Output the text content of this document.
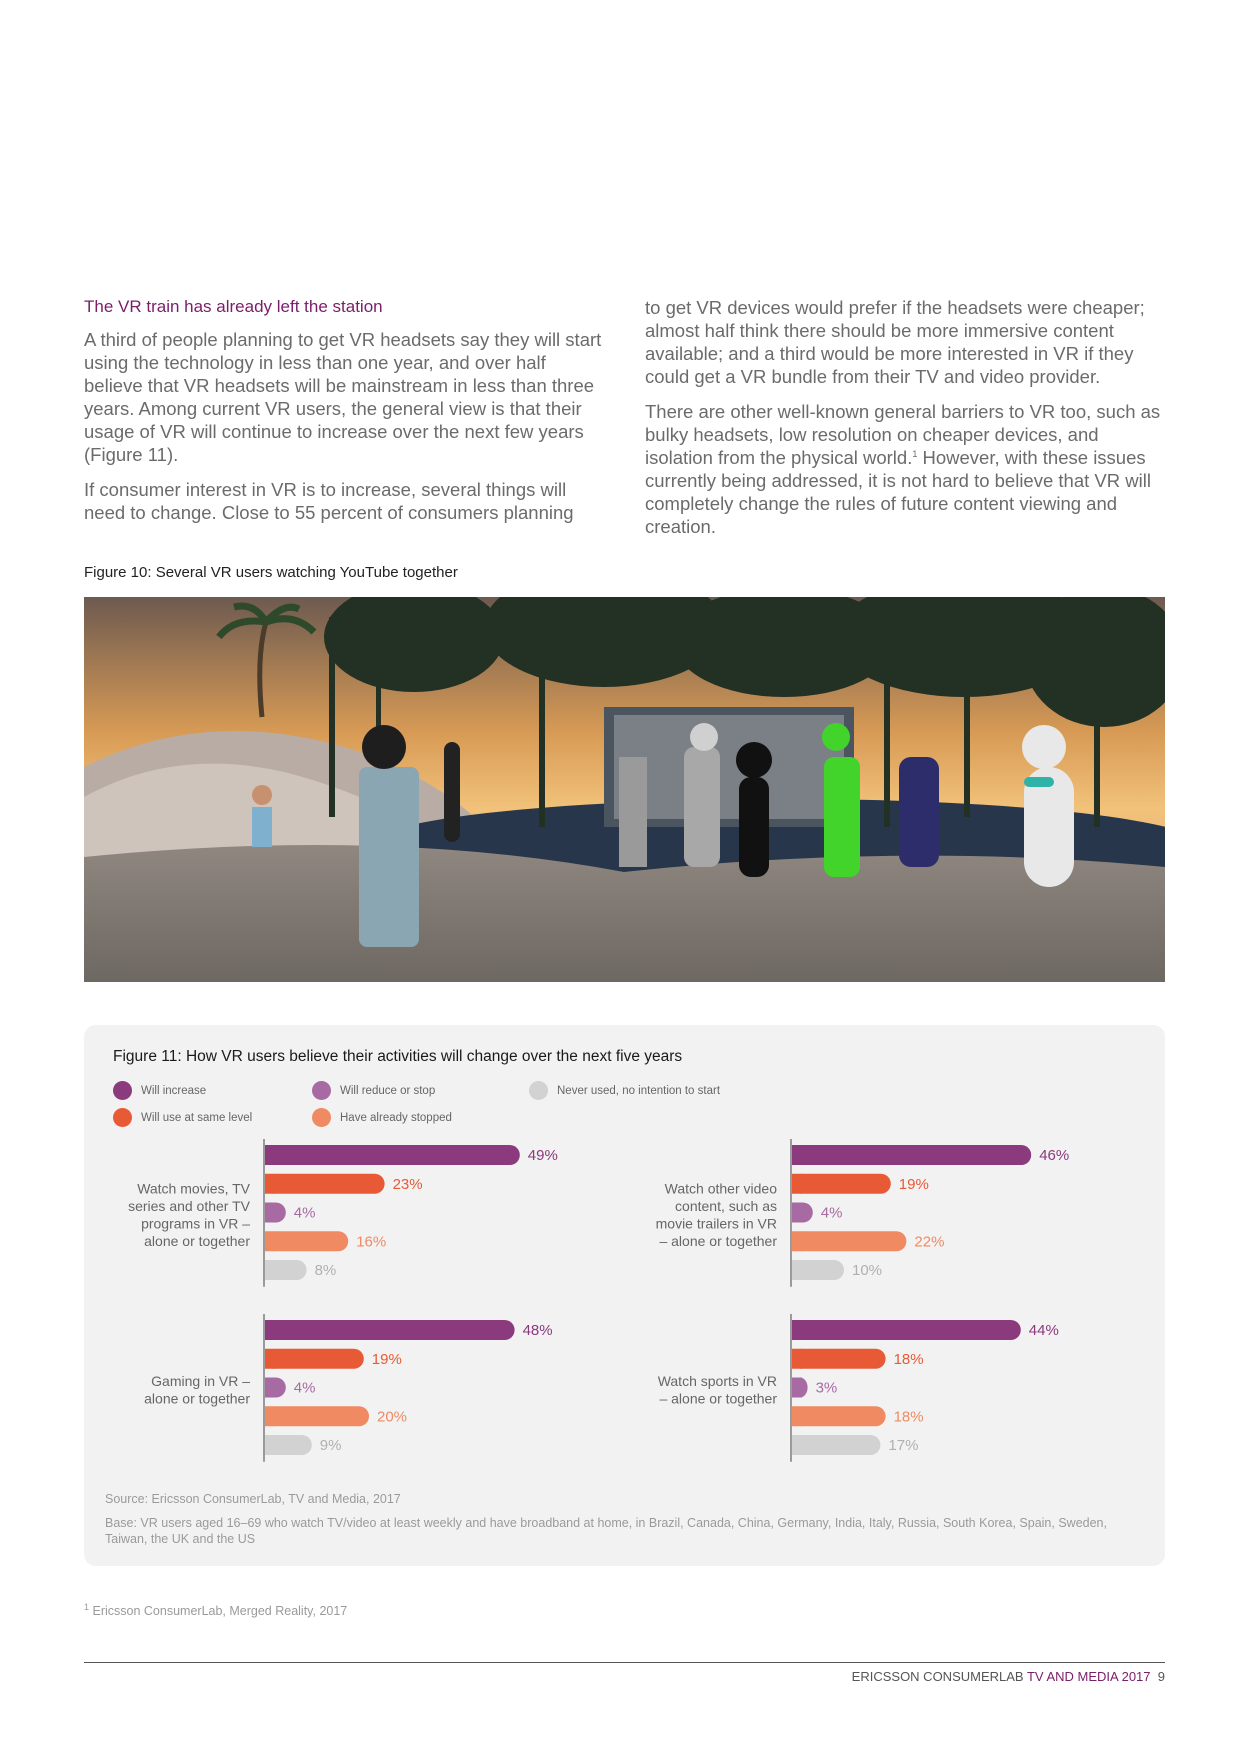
The VR train has already left the station

A third of people planning to get VR headsets say they will start using the technology in less than one year, and over half believe that VR headsets will be mainstream in less than three years. Among current VR users, the general view is that their usage of VR will continue to increase over the next few years (Figure 11).

If consumer interest in VR is to increase, several things will need to change. Close to 55 percent of consumers planning

to get VR devices would prefer if the headsets were cheaper; almost half think there should be more immersive content available; and a third would be more interested in VR if they could get a VR bundle from their TV and video provider.

There are other well-known general barriers to VR too, such as bulky headsets, low resolution on cheaper devices, and isolation from the physical world.$^1$ However, with these issues currently being addressed, it is not hard to believe that VR will completely change the rules of future content viewing and creation.

Figure 10: Several VR users watching YouTube together
Figure 11: How VR users believe their activities will change over the next five years
Will increase	Will reduce or stop	Never used, no intention to start
Will use at same level	Have already stopped
49%
23%
4%
16%
8%
Watch movies, TV
series and other TV
programs in VR –
alone or together
46%
19%
4%
22%
10%
Watch other video
content, such as
movie trailers in VR
– alone or together
48%
19%
4%
20%
9%
Gaming in VR –
alone or together
44%
18%
3%
18%
17%
Watch sports in VR
– alone or together
Source: Ericsson ConsumerLab, TV and Media, 2017
Base: VR users aged 16–69 who watch TV/video at least weekly and have broadband at home, in Brazil, Canada, China, Germany, India, Italy, Russia, South Korea, Spain, Sweden, Taiwan, the UK and the US
$^1$ Ericsson ConsumerLab, Merged Reality, 2017
ERICSSON CONSUMERLAB TV AND MEDIA 2017 9
